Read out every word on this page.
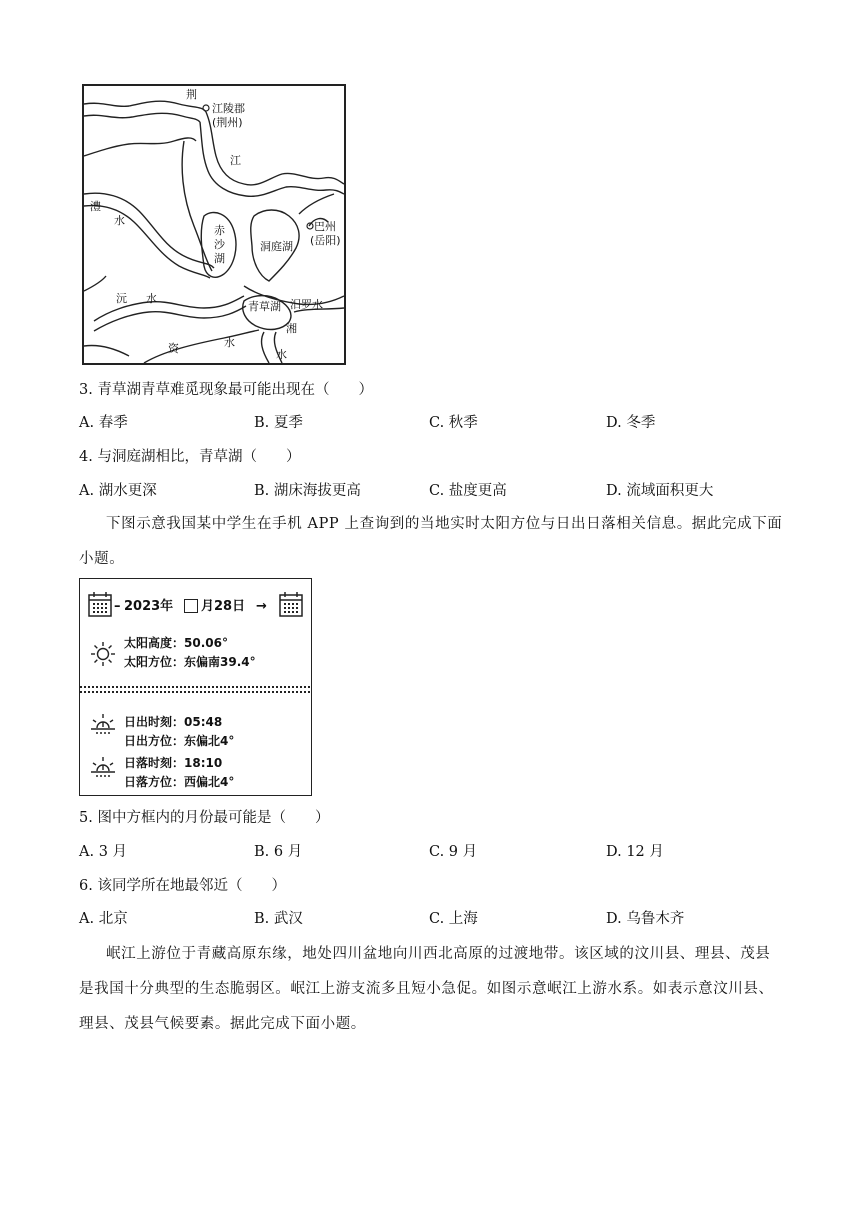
荆
江陵郡
(荆州)
江
澧
水
赤
沙
湖
洞庭湖
巴州
(岳阳)
沅 水
青草湖 汨罗水
湘
水
资	水
3. 青草湖青草难觅现象最可能出现在（　　）
A. 春季	B. 夏季	C. 秋季	D. 冬季
4. 与洞庭湖相比，青草湖（　　）
A. 湖水更深	B. 湖床海拔更高	C. 盐度更高	D. 流域面积更大
下图示意我国某中学生在手机 APP 上查询到的当地实时太阳方位与日出日落相关信息。据此完成下面
小题。
– 2023年 月28日 →
太阳高度：50.06°
太阳方位：东偏南39.4°
日出时刻：05:48
日出方位：东偏北4°
日落时刻：18:10
日落方位：西偏北4°
5. 图中方框内的月份最可能是（　　）
A. 3 月	B. 6 月	C. 9 月	D. 12 月
6. 该同学所在地最邻近（　　）
A. 北京	B. 武汉	C. 上海	D. 乌鲁木齐
岷江上游位于青藏高原东缘，地处四川盆地向川西北高原的过渡地带。该区域的汶川县、理县、茂县
是我国十分典型的生态脆弱区。岷江上游支流多且短小急促。如图示意岷江上游水系。如表示意汶川县、
理县、茂县气候要素。据此完成下面小题。
